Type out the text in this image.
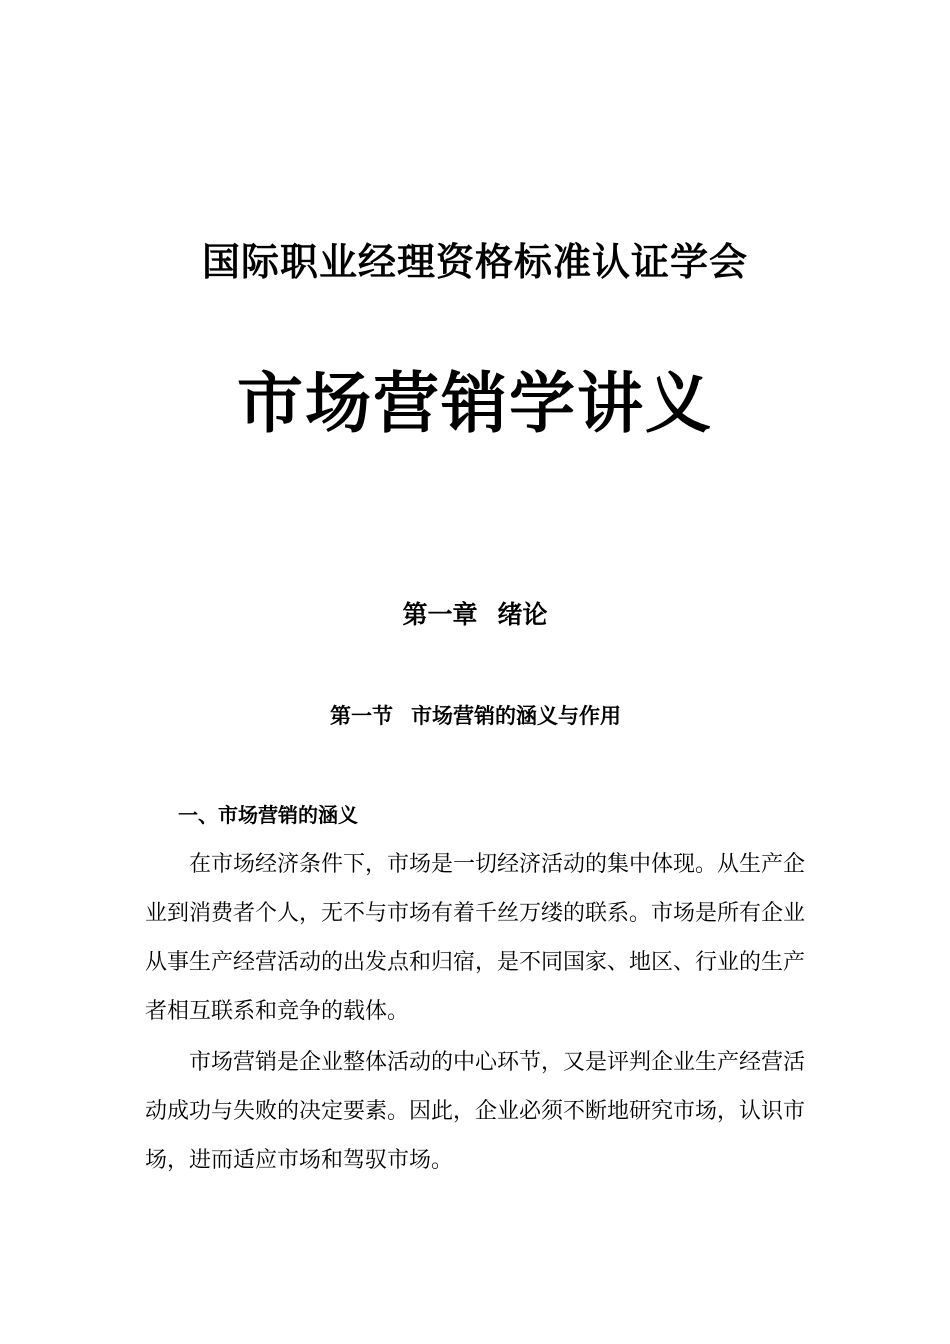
国际职业经理资格标准认证学会
市场营销学讲义
第一章 绪论
第一节 市场营销的涵义与作用
一、市场营销的涵义

在市场经济条件下，市场是一切经济活动的集中体现。从生产企业到消费者个人，无不与市场有着千丝万缕的联系。市场是所有企业从事生产经营活动的出发点和归宿，是不同国家、地区、行业的生产者相互联系和竞争的载体。

市场营销是企业整体活动的中心环节，又是评判企业生产经营活动成功与失败的决定要素。因此，企业必须不断地研究市场，认识市场，进而适应市场和驾驭市场。
